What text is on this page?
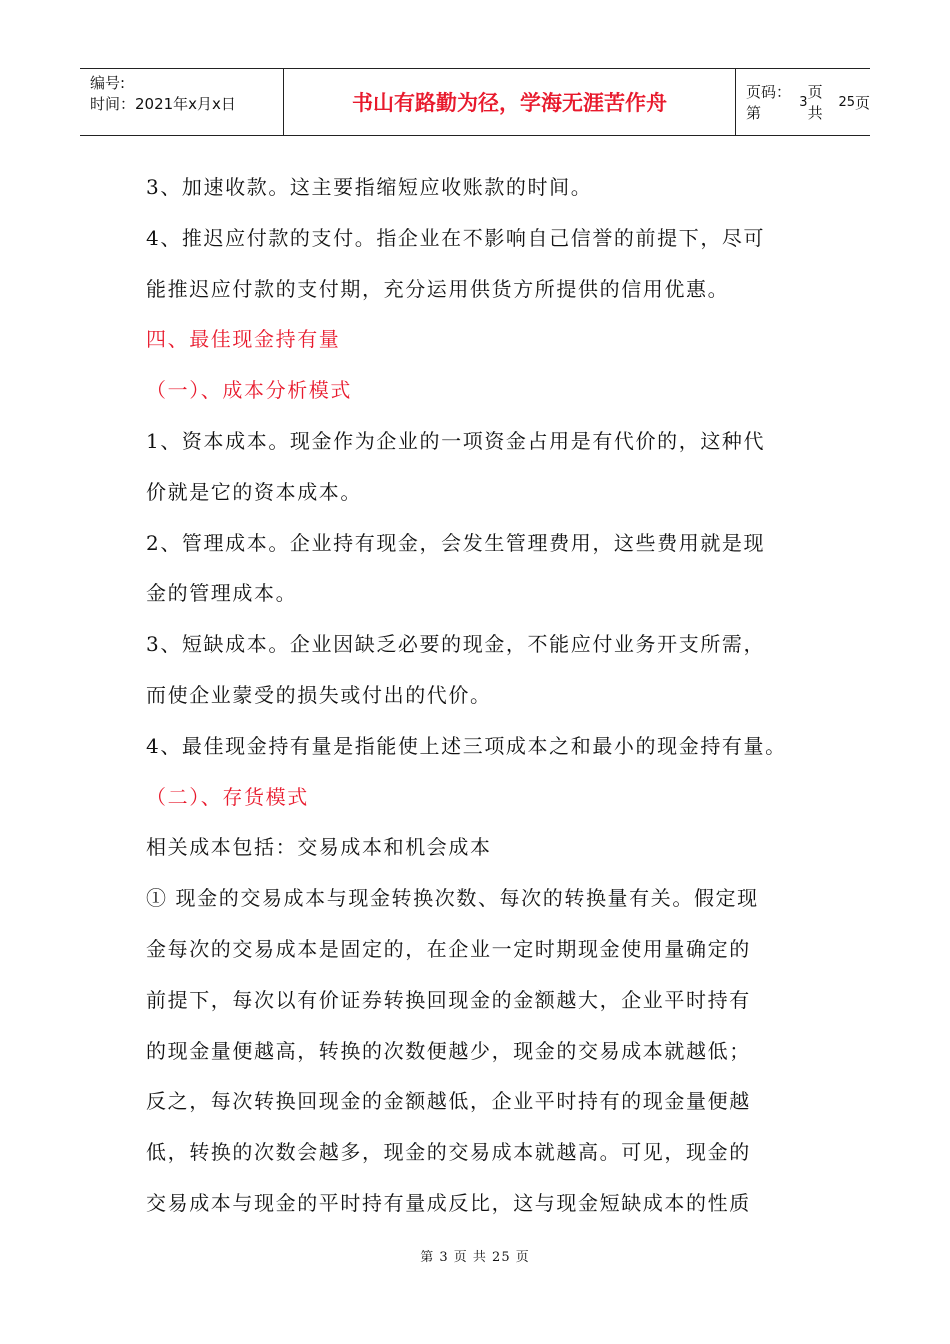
编号:
时间：2021年x月x日	书山有路勤为径，学海无涯苦作舟	页码：第
3
页 共
25 页
3、加速收款。这主要指缩短应收账款的时间。
4、推迟应付款的支付。指企业在不影响自己信誉的前提下，尽可
能推迟应付款的支付期，充分运用供货方所提供的信用优惠。
四、最佳现金持有量
（一）、成本分析模式
1、资本成本。现金作为企业的一项资金占用是有代价的，这种代
价就是它的资本成本。
2、管理成本。企业持有现金，会发生管理费用，这些费用就是现
金的管理成本。
3、短缺成本。企业因缺乏必要的现金，不能应付业务开支所需，
而使企业蒙受的损失或付出的代价。
4、最佳现金持有量是指能使上述三项成本之和最小的现金持有量。
（二）、存货模式
相关成本包括：交易成本和机会成本
① 现金的交易成本与现金转换次数、每次的转换量有关。假定现
金每次的交易成本是固定的，在企业一定时期现金使用量确定的
前提下，每次以有价证券转换回现金的金额越大，企业平时持有
的现金量便越高，转换的次数便越少，现金的交易成本就越低；
反之，每次转换回现金的金额越低，企业平时持有的现金量便越
低，转换的次数会越多，现金的交易成本就越高。可见，现金的
交易成本与现金的平时持有量成反比，这与现金短缺成本的性质
第 3 页 共 25 页
